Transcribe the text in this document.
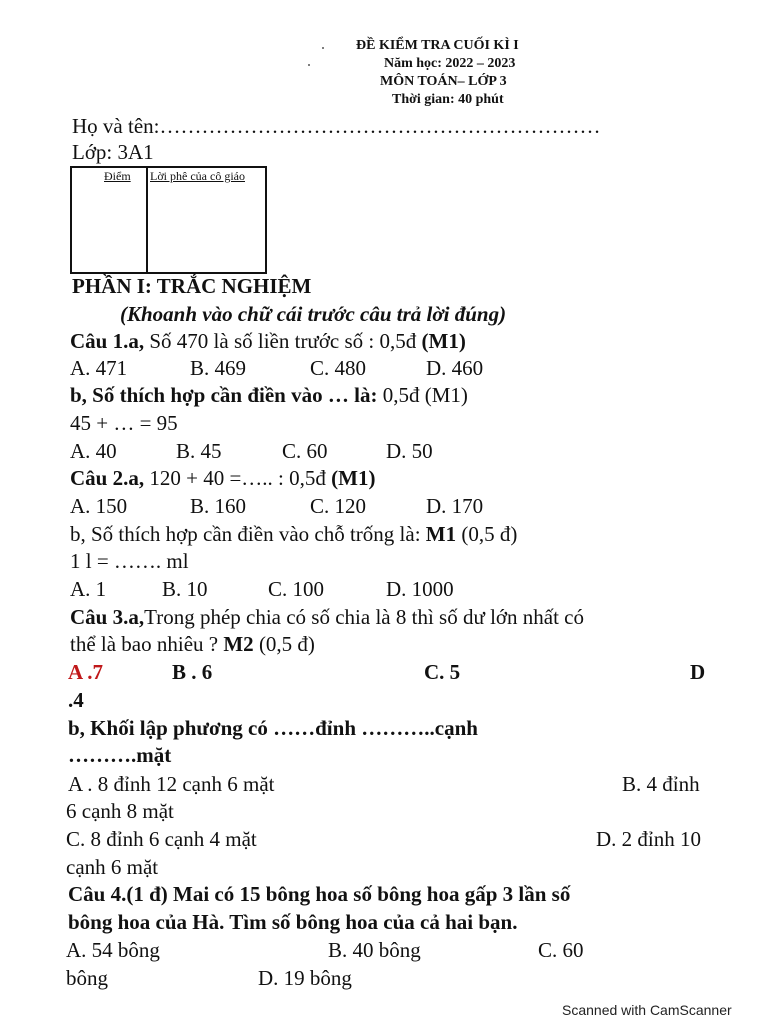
ĐỀ KIỂM TRA CUỐI KÌ I
Năm học: 2022 – 2023
MÔN TOÁN– LỚP 3
Thời gian: 40 phút
Họ và tên:………………………………………………………
Lớp: 3A1
Điểm Lời phê của cô giáo
PHẦN I: TRẮC NGHIỆM
(Khoanh vào chữ cái trước câu trả lời đúng)
Câu 1.a, Số 470 là số liền trước số : 0,5đ (M1)
A. 471	B. 469	C. 480	D. 460
b, Số thích hợp cần điền vào … là: 0,5đ (M1)
45 + … = 95
A. 40	B. 45	C. 60	D. 50
Câu 2.a, 120 + 40 =….. : 0,5đ (M1)
A. 150	B. 160	C. 120	D. 170
b, Số thích hợp cần điền vào chỗ trống là: M1 (0,5 đ)
1 l = ……. ml
A. 1	B. 10	C. 100	D. 1000
Câu 3.a,Trong phép chia có số chia là 8 thì số dư lớn nhất có
thể là bao nhiêu ? M2 (0,5 đ)
A .7	B . 6	C. 5	D
.4
b, Khối lập phương có ……đỉnh ………..cạnh
……….mặt
A . 8 đỉnh 12 cạnh 6 mặt	B. 4 đỉnh
6 cạnh 8 mặt
C. 8 đỉnh 6 cạnh 4 mặt	D. 2 đỉnh 10
cạnh 6 mặt
Câu 4.(1 đ) Mai có 15 bông hoa số bông hoa gấp 3 lần số
bông hoa của Hà. Tìm số bông hoa của cả hai bạn.
A. 54 bông	B. 40 bông	C. 60
bông	D. 19 bông
Scanned with CamScanner
